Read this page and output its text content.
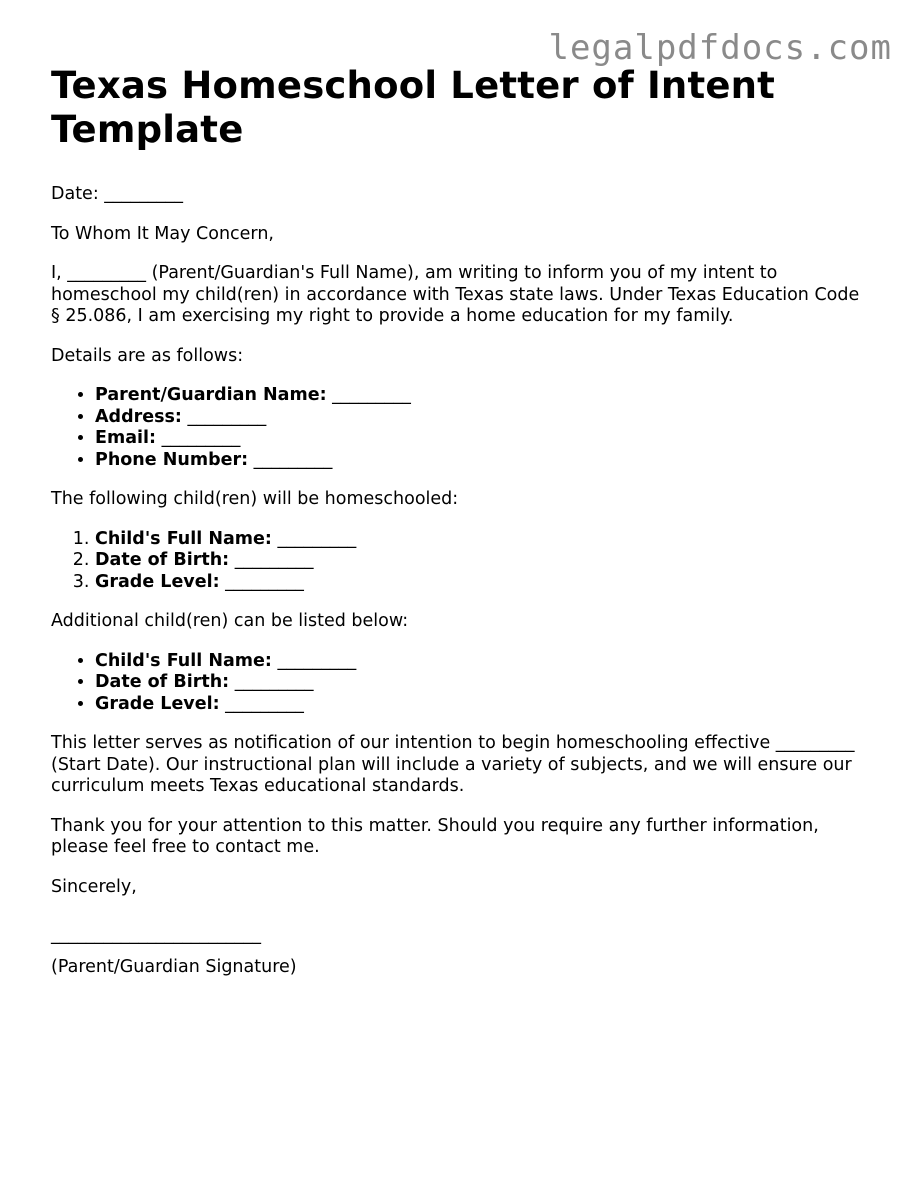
legalpdfdocs.com
Texas Homeschool Letter of Intent Template

Date: _________

To Whom It May Concern,

I, _________ (Parent/Guardian's Full Name), am writing to inform you of my intent to homeschool my child(ren) in accordance with Texas state laws. Under Texas Education Code § 25.086, I am exercising my right to provide a home education for my family.

Details are as follows:

• Parent/Guardian Name: _________
• Address: _________
• Email: _________
• Phone Number: _________

The following child(ren) will be homeschooled:

1. Child's Full Name: _________
2. Date of Birth: _________
3. Grade Level: _________

Additional child(ren) can be listed below:

• Child's Full Name: _________
• Date of Birth: _________
• Grade Level: _________

This letter serves as notification of our intention to begin homeschooling effective _________ (Start Date). Our instructional plan will include a variety of subjects, and we will ensure our curriculum meets Texas educational standards.

Thank you for your attention to this matter. Should you require any further information, please feel free to contact me.

Sincerely,

________________________

(Parent/Guardian Signature)
